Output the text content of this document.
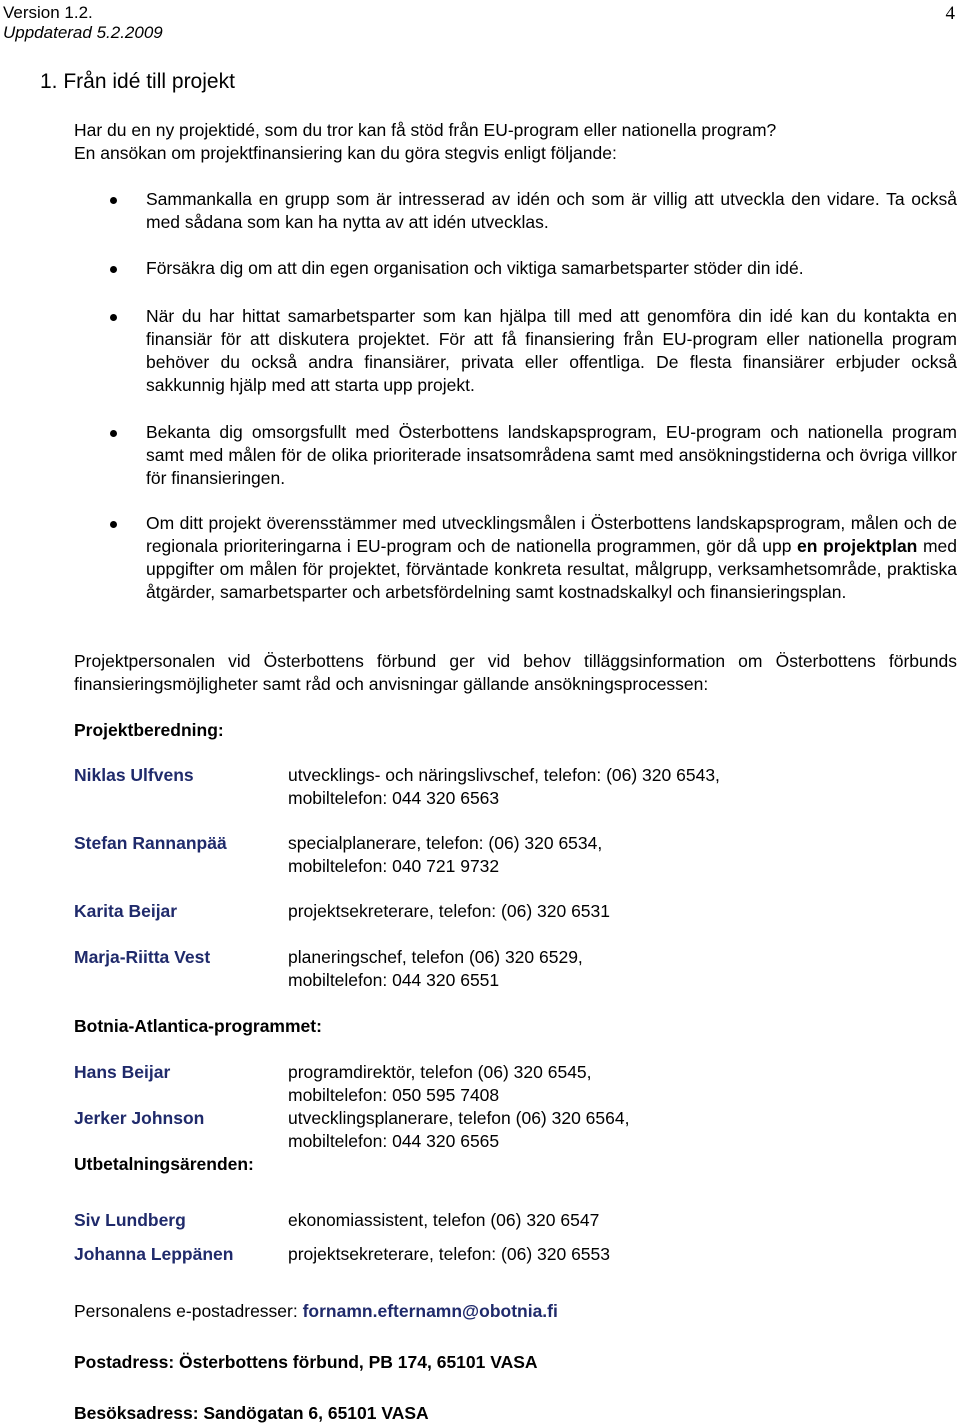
Version 1.2.
Uppdaterad 5.2.2009
4
1. Från idé till projekt
Har du en ny projektidé, som du tror kan få stöd från EU-program eller nationella program?
En ansökan om projektfinansiering kan du göra stegvis enligt följande:
Sammankalla en grupp som är intresserad av idén och som är villig att utveckla den vidare. Ta också med sådana som kan ha nytta av att idén utvecklas.
Försäkra dig om att din egen organisation och viktiga samarbetsparter stöder din idé.
När du har hittat samarbetsparter som kan hjälpa till med att genomföra din idé kan du kontakta en finansiär för att diskutera projektet. För att få finansiering från EU-program eller nationella program behöver du också andra finansiärer, privata eller offentliga. De flesta finansiärer erbjuder också sakkunnig hjälp med att starta upp projekt.
Bekanta dig omsorgsfullt med Österbottens landskapsprogram, EU-program och nationella program samt med målen för de olika prioriterade insatsområdena samt med ansökningstiderna och övriga villkor för finansieringen.
Om ditt projekt överensstämmer med utvecklingsmålen i Österbottens landskapsprogram, målen och de regionala prioriteringarna i EU-program och de nationella programmen, gör då upp en projektplan med uppgifter om målen för projektet, förväntade konkreta resultat, målgrupp, verksamhetsområde, praktiska åtgärder, samarbetsparter och arbetsfördelning samt kostnadskalkyl och finansieringsplan.
Projektpersonalen vid Österbottens förbund ger vid behov tilläggsinformation om Österbottens förbunds finansieringsmöjligheter samt råd och anvisningar gällande ansökningsprocessen:
Projektberedning:
Niklas Ulfvens	utvecklings- och näringslivschef, telefon: (06) 320 6543,
mobiltelefon: 044 320 6563
Stefan Rannanpää	specialplanerare, telefon: (06) 320 6534,
mobiltelefon: 040 721 9732
Karita Beijar	projektsekreterare, telefon: (06) 320 6531
Marja-Riitta Vest	planeringschef, telefon (06) 320 6529,
mobiltelefon: 044 320 6551
Botnia-Atlantica-programmet:
Hans Beijar	programdirektör, telefon (06) 320 6545,
mobiltelefon: 050 595 7408
Jerker Johnson	utvecklingsplanerare, telefon (06) 320 6564,
mobiltelefon: 044 320 6565
Utbetalningsärenden:
Siv Lundberg	ekonomiassistent, telefon (06) 320 6547
Johanna Leppänen	projektsekreterare, telefon: (06) 320 6553
Personalens e-postadresser: fornamn.efternamn@obotnia.fi
Postadress: Österbottens förbund, PB 174, 65101 VASA
Besöksadress: Sandögatan 6, 65101 VASA
